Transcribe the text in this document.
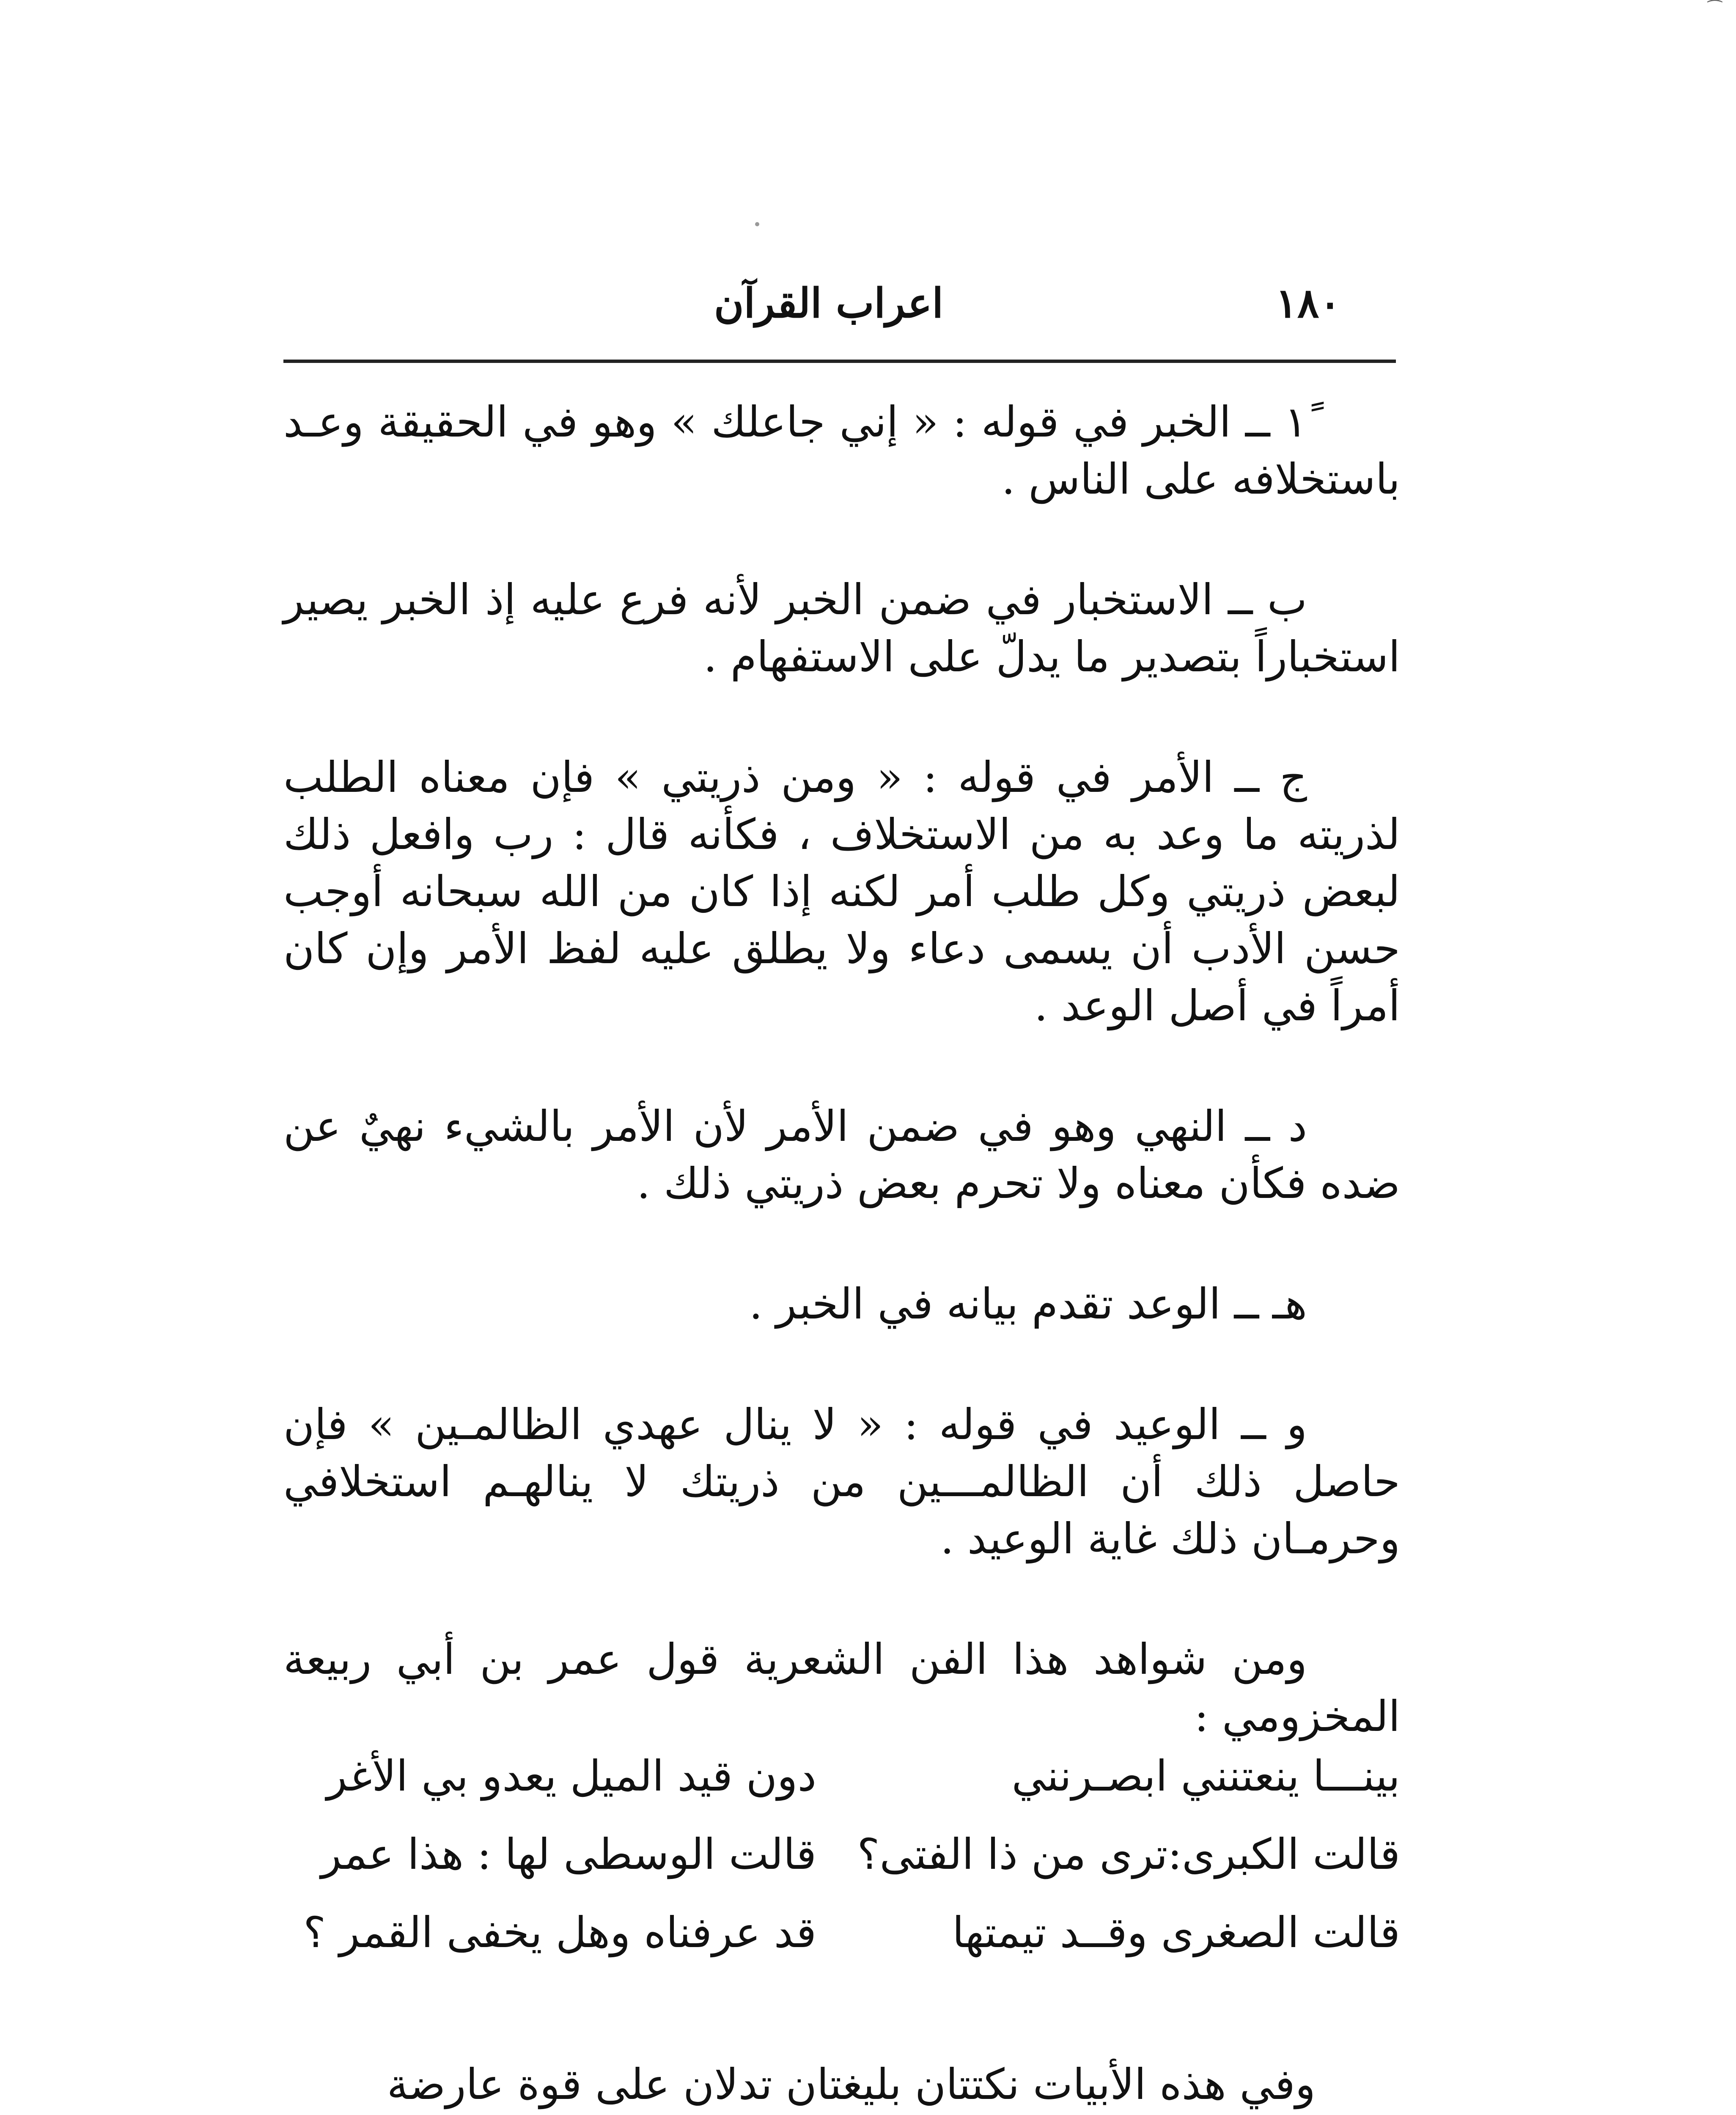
⁀
١٨٠
اعراب القرآن

١ً ــ الخبر في قوله : « إني جاعلك » وهو في الحقيقة وعـد باستخلافه على الناس .

ب ــ الاستخبار في ضمن الخبر لأنه فرع عليه إذ الخبر يصير استخباراً بتصدير ما يدلّ على الاستفهام .

ج ــ الأمر في قوله : « ومن ذريتي » فإن معناه الطلب لذريته ما وعد به من الاستخلاف ، فكأنه قال : رب وافعل ذلك لبعض ذريتي وكل طلب أمر لكنه إذا كان من الله سبحانه أوجب حسن الأدب أن يسمى دعاء ولا يطلق عليه لفظ الأمر وإن كان أمراً في أصل الوعد .

د ــ النهي وهو في ضمن الأمر لأن الأمر بالشيء نهيٌ عن ضده فكأن معناه ولا تحرم بعض ذريتي ذلك .

هـ ــ الوعد تقدم بيانه في الخبر .

و ــ الوعيد في قوله : « لا ينال عهدي الظالمـين » فإن حاصل ذلك أن الظالمـــين من ذريتك لا ينالهـم استخلافي وحرمـان ذلك غاية الوعيد .

ومن شواهد هذا الفن الشعرية قول عمر بن أبي ربيعة المخزومي :

بينـــا ينعتنني ابصـرنني
دون قيد الميل يعدو بي الأغر
قالت الكبرى:ترى من ذا الفتى؟
قالت الوسطى لها : هذا عمر
قالت الصغرى وقــد تيمتها
قد عرفناه وهل يخفى القمر ؟
وفي هذه الأبيات نكتتان بليغتان تدلان على قوة عارضة
